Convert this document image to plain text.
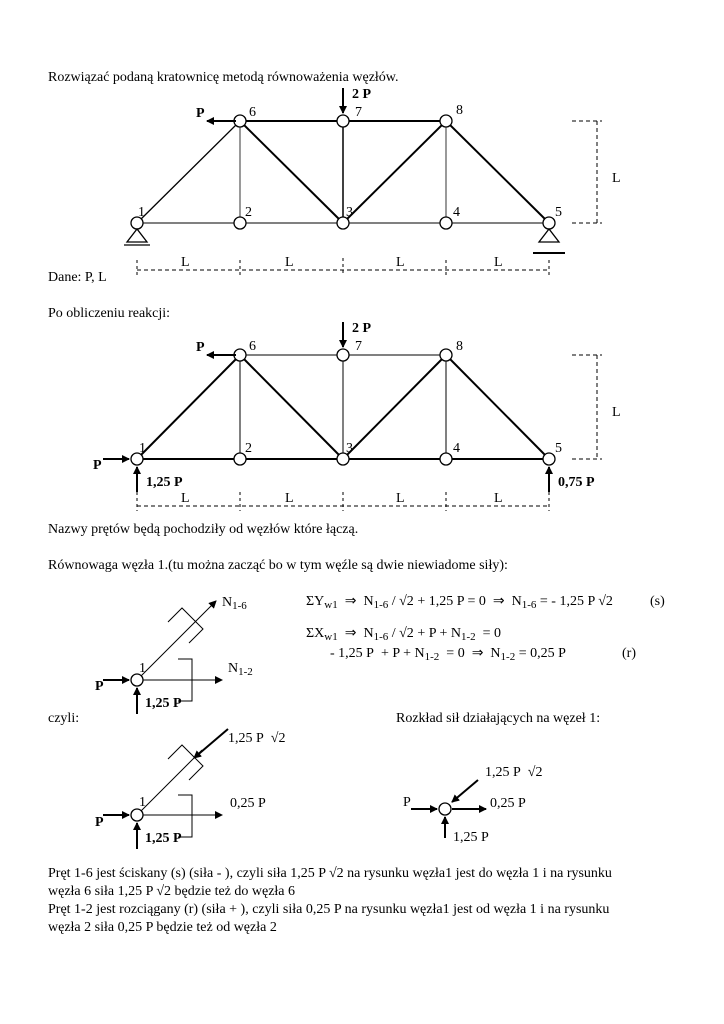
Rozwiązać podaną kratownicę metodą równoważenia węzłów.
Dane: P, L
Po obliczeniu reakcji:
Nazwy prętów będą pochodziły od węzłów które łączą.
Równowaga węzła 1.(tu można zacząć bo w tym węźle są dwie niewiadome siły):
czyli:	Rozkład sił działających na węzeł 1:
$\Sigma Y_{w1}$  ⇒  $N_{1-6} / √2 + 1,25$ P = 0  ⇒  $N_{1-6}$ = - 1,25 P √2	(s)
$\Sigma X_{w1}$  ⇒  $N_{1-6} / √2 + P + N_{1-2} = 0$
- 1,25 $P + P + N_{1-2} = 0$  ⇒  $N_{1-2} = 0,25$ P	(r)
Pręt 1-6 jest ściskany (s) (siła - ), czyli siła 1,25 P √2 na rysunku węzła1 jest do węzła 1 i na rysunku
węzła 6 siła 1,25 P √2 będzie też do węzła 6
Pręt 1-2 jest rozciągany (r) (siła + ), czyli siła 0,25 P na rysunku węzła1 jest od węzła 1 i na rysunku
węzła 2 siła 0,25 P będzie też od węzła 2
1	2	3	4	5
6	7	8
P
2 P
L	L	L	L
L
1	2	3	4	5
6	7	8
P
2 P
P
1,25 P	0,75 P
L	L	L	L
L
$N_{1-6}$
$N_{1-2}$
1
P
1,25 P
1,25 P  √2
0,25 P
1
P
1,25 P
1,25 P  √2
P	0,25 P
1,25 P
